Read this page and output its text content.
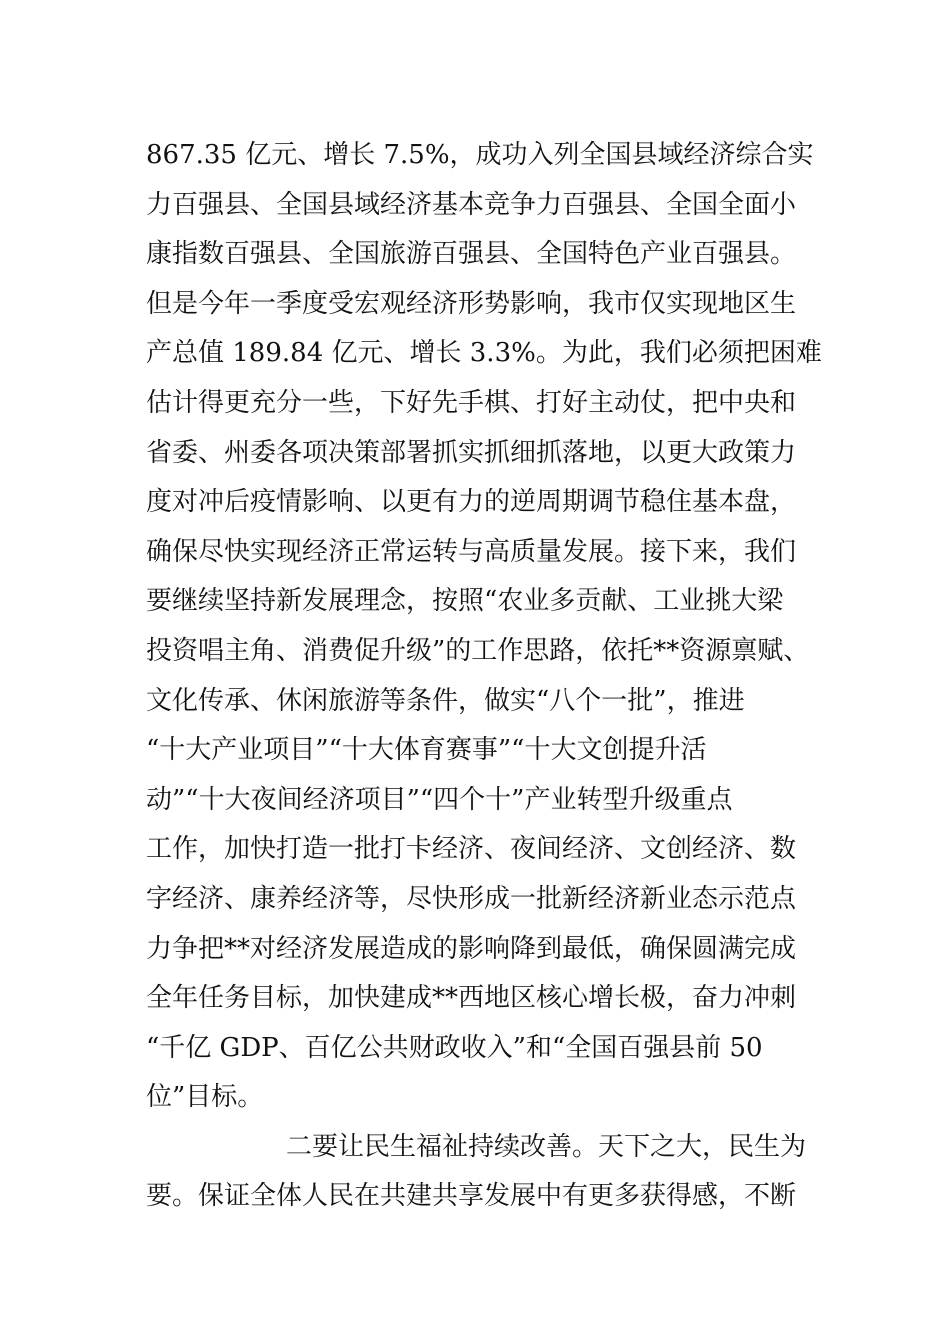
867.35 亿元、增长 7.5%，成功入列全国县域经济综合实
力百强县、全国县域经济基本竞争力百强县、全国全面小
康指数百强县、全国旅游百强县、全国特色产业百强县。
但是今年一季度受宏观经济形势影响，我市仅实现地区生
产总值 189.84 亿元、增长 3.3%。为此，我们必须把困难
估计得更充分一些，下好先手棋、打好主动仗，把中央和
省委、州委各项决策部署抓实抓细抓落地，以更大政策力
度对冲后疫情影响、以更有力的逆周期调节稳住基本盘，
确保尽快实现经济正常运转与高质量发展。接下来，我们
要继续坚持新发展理念，按照“农业多贡献、工业挑大梁
投资唱主角、消费促升级”的工作思路，依托**资源禀赋、
文化传承、休闲旅游等条件，做实“八个一批”，推进
“十大产业项目”“十大体育赛事”“十大文创提升活
动”“十大夜间经济项目”“四个十”产业转型升级重点
工作，加快打造一批打卡经济、夜间经济、文创经济、数
字经济、康养经济等，尽快形成一批新经济新业态示范点
力争把**对经济发展造成的影响降到最低，确保圆满完成
全年任务目标，加快建成**西地区核心增长极，奋力冲刺
“千亿 GDP、百亿公共财政收入”和“全国百强县前 50
位”目标。
二要让民生福祉持续改善。天下之大，民生为
要。保证全体人民在共建共享发展中有更多获得感，不断
